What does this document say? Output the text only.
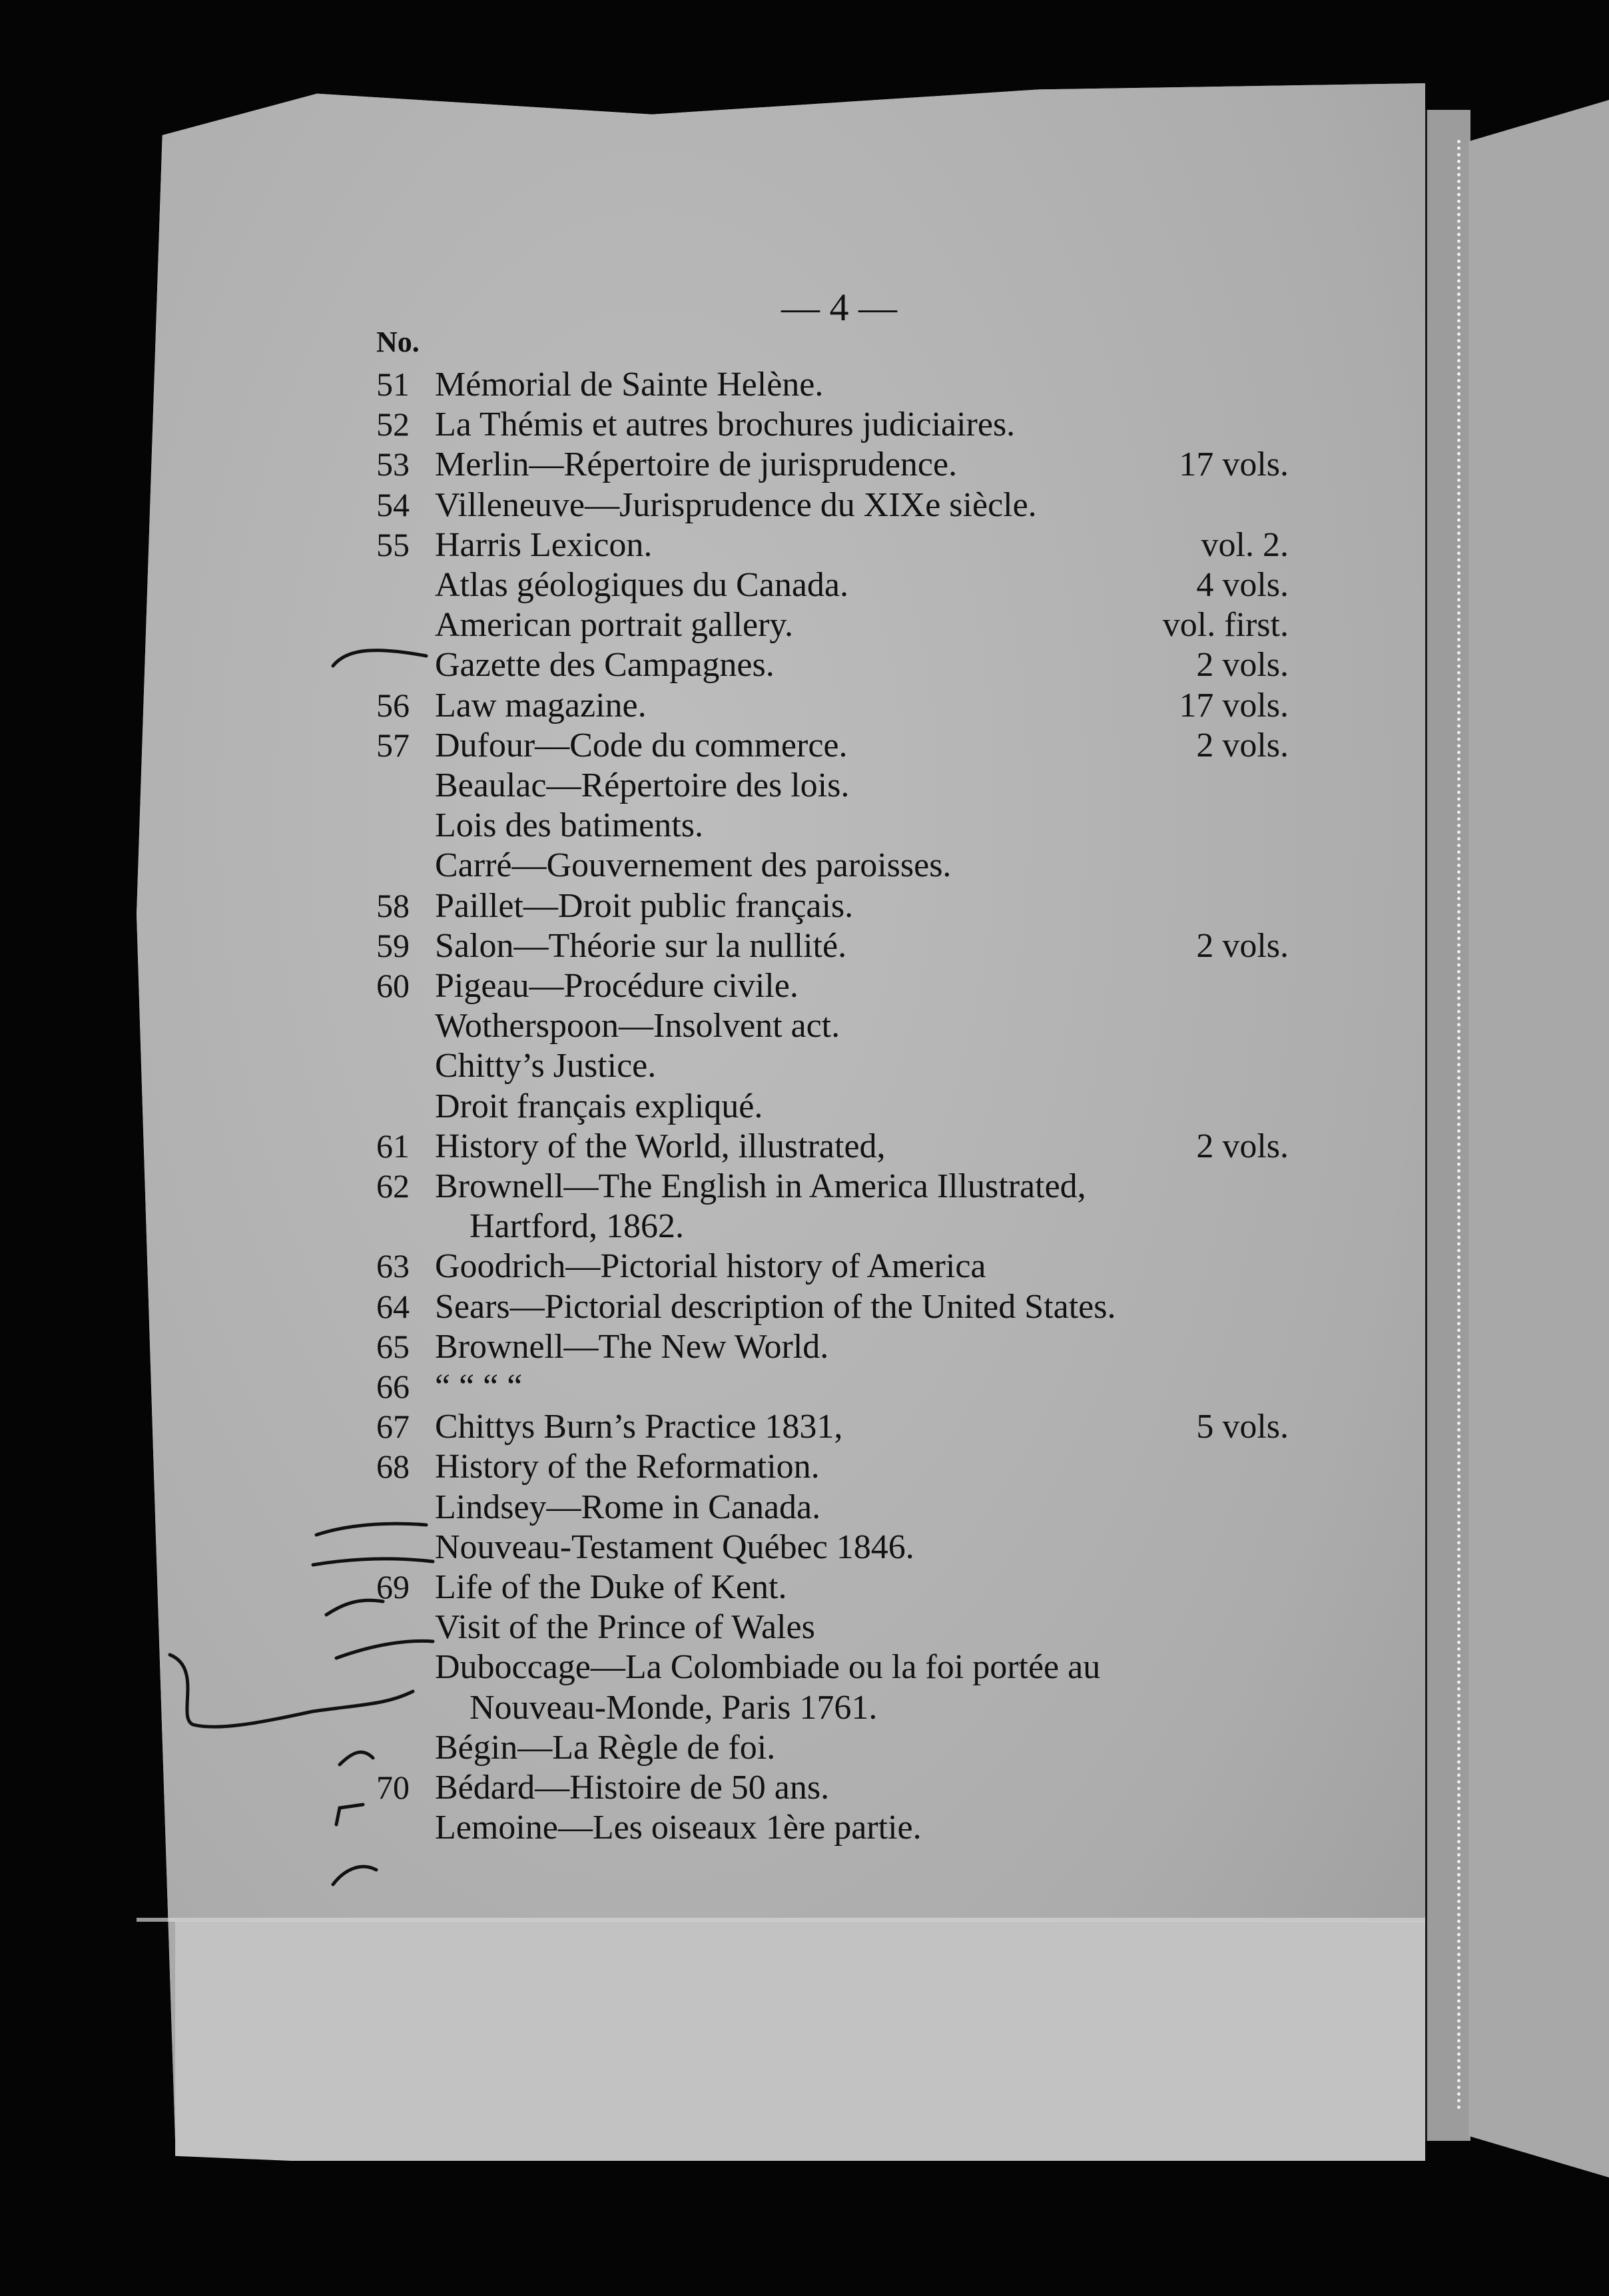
— 4 —
No.
51 Mémorial de Sainte Helène.
52 La Thémis et autres brochures judiciaires.
53 Merlin—Répertoire de jurisprudence.	17 vols.
54 Villeneuve—Jurisprudence du XIXe siècle.
55 Harris Lexicon.	vol. 2.
Atlas géologiques du Canada.	4 vols.
American portrait gallery.	vol. first.
Gazette des Campagnes.	2 vols.
56 Law magazine.	17 vols.
57 Dufour—Code du commerce.	2 vols.
Beaulac—Répertoire des lois.
Lois des batiments.
Carré—Gouvernement des paroisses.
58 Paillet—Droit public français.
59 Salon—Théorie sur la nullité.	2 vols.
60 Pigeau—Procédure civile.
Wotherspoon—Insolvent act.
Chitty’s Justice.
Droit français expliqué.
61 History of the World, illustrated,	2 vols.
62 Brownell—The English in America Illustrated,
Hartford, 1862.
63 Goodrich—Pictorial history of America
64 Sears—Pictorial description of the United States.
65 Brownell—The New World.
66 “ “ “ “
67 Chittys Burn’s Practice 1831,	5 vols.
68 History of the Reformation.
Lindsey—Rome in Canada.
Nouveau-Testament Québec 1846.
69 Life of the Duke of Kent.
Visit of the Prince of Wales
Duboccage—La Colombiade ou la foi portée au
Nouveau-Monde, Paris 1761.
Bégin—La Règle de foi.
70 Bédard—Histoire de 50 ans.
Lemoine—Les oiseaux 1ère partie.
